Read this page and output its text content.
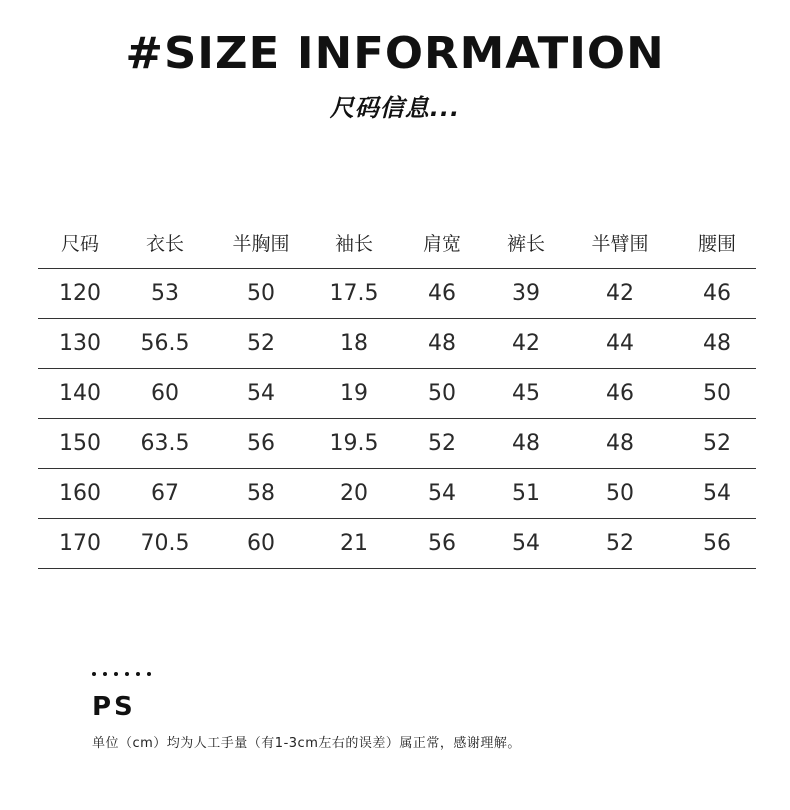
#SIZE INFORMATION
尺码信息...
尺码	衣长	半胸围	袖长	肩宽	裤长	半臂围	腰围
120	53	50	17.5	46	39	42	46
130	56.5	52	18	48	42	44	48
140	60	54	19	50	45	46	50
150	63.5	56	19.5	52	48	48	52
160	67	58	20	54	51	50	54
170	70.5	60	21	56	54	52	56
PS
单位（cm）均为人工手量（有1-3cm左右的误差）属正常，感谢理解。
